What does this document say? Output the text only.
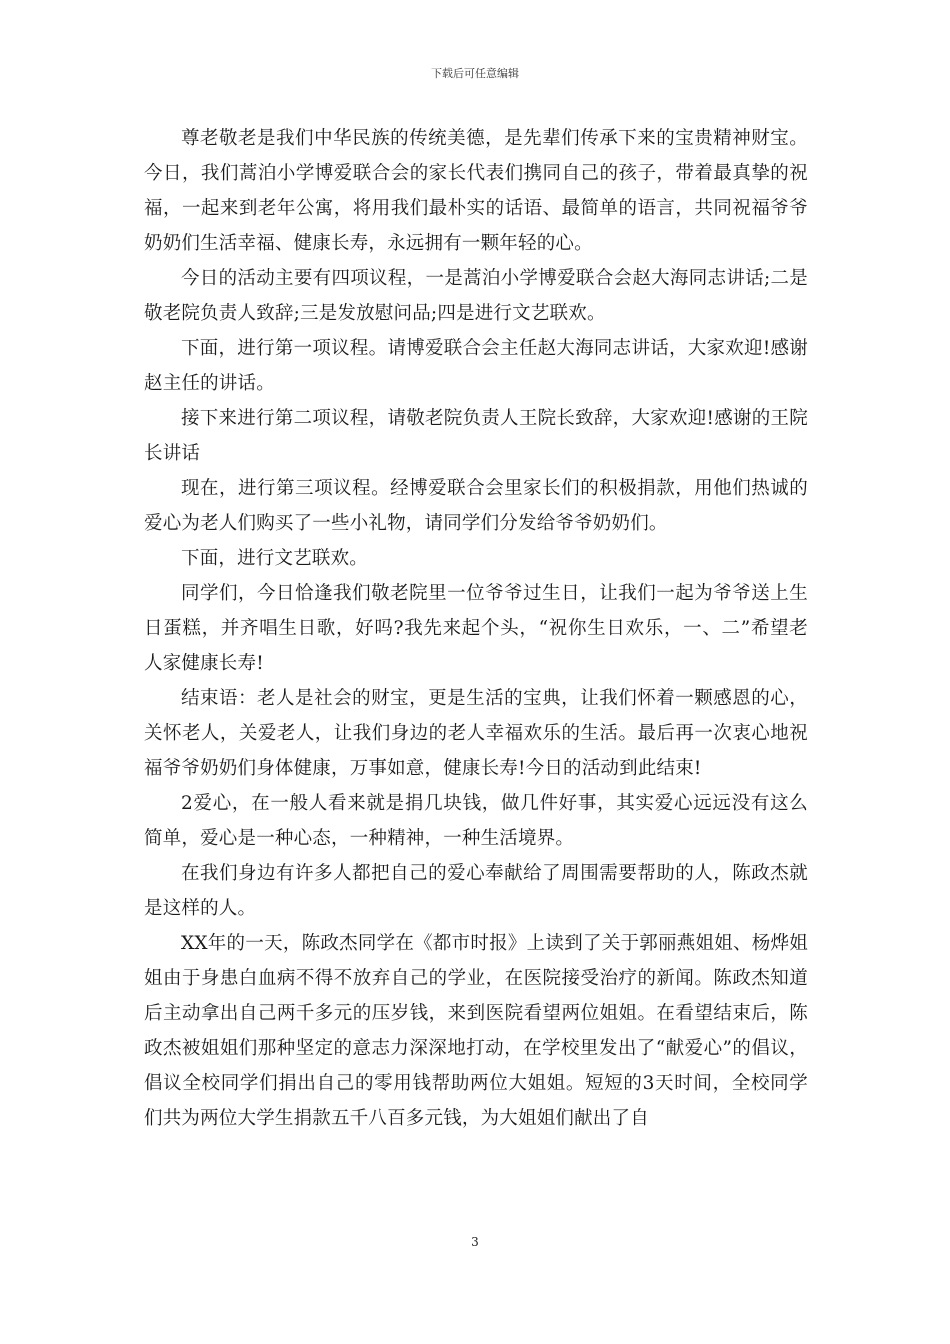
下载后可任意编辑

尊老敬老是我们中华民族的传统美德，是先辈们传承下来的宝贵精神财宝。今日，我们蒿泊小学博爱联合会的家长代表们携同自己的孩子，带着最真挚的祝福，一起来到老年公寓，将用我们最朴实的话语、最简单的语言，共同祝福爷爷奶奶们生活幸福、健康长寿，永远拥有一颗年轻的心。

今日的活动主要有四项议程，一是蒿泊小学博爱联合会赵大海同志讲话;二是敬老院负责人致辞;三是发放慰问品;四是进行文艺联欢。

下面，进行第一项议程。请博爱联合会主任赵大海同志讲话，大家欢迎!感谢赵主任的讲话。

接下来进行第二项议程，请敬老院负责人王院长致辞，大家欢迎!感谢的王院长讲话

现在，进行第三项议程。经博爱联合会里家长们的积极捐款，用他们热诚的爱心为老人们购买了一些小礼物，请同学们分发给爷爷奶奶们。

下面，进行文艺联欢。

同学们，今日恰逢我们敬老院里一位爷爷过生日，让我们一起为爷爷送上生日蛋糕，并齐唱生日歌，好吗?我先来起个头，“祝你生日欢乐，一、二”希望老人家健康长寿!

结束语：老人是社会的财宝，更是生活的宝典，让我们怀着一颗感恩的心，关怀老人，关爱老人，让我们身边的老人幸福欢乐的生活。最后再一次衷心地祝福爷爷奶奶们身体健康，万事如意，健康长寿!今日的活动到此结束!

2爱心，在一般人看来就是捐几块钱，做几件好事，其实爱心远远没有这么简单，爱心是一种心态，一种精神，一种生活境界。

在我们身边有许多人都把自己的爱心奉献给了周围需要帮助的人，陈政杰就是这样的人。

XX年的一天，陈政杰同学在《都市时报》上读到了关于郭丽燕姐姐、杨烨姐姐由于身患白血病不得不放弃自己的学业，在医院接受治疗的新闻。陈政杰知道后主动拿出自己两千多元的压岁钱，来到医院看望两位姐姐。在看望结束后，陈政杰被姐姐们那种坚定的意志力深深地打动，在学校里发出了“献爱心”的倡议，倡议全校同学们捐出自己的零用钱帮助两位大姐姐。短短的3天时间，全校同学们共为两位大学生捐款五千八百多元钱，为大姐姐们献出了自

3
